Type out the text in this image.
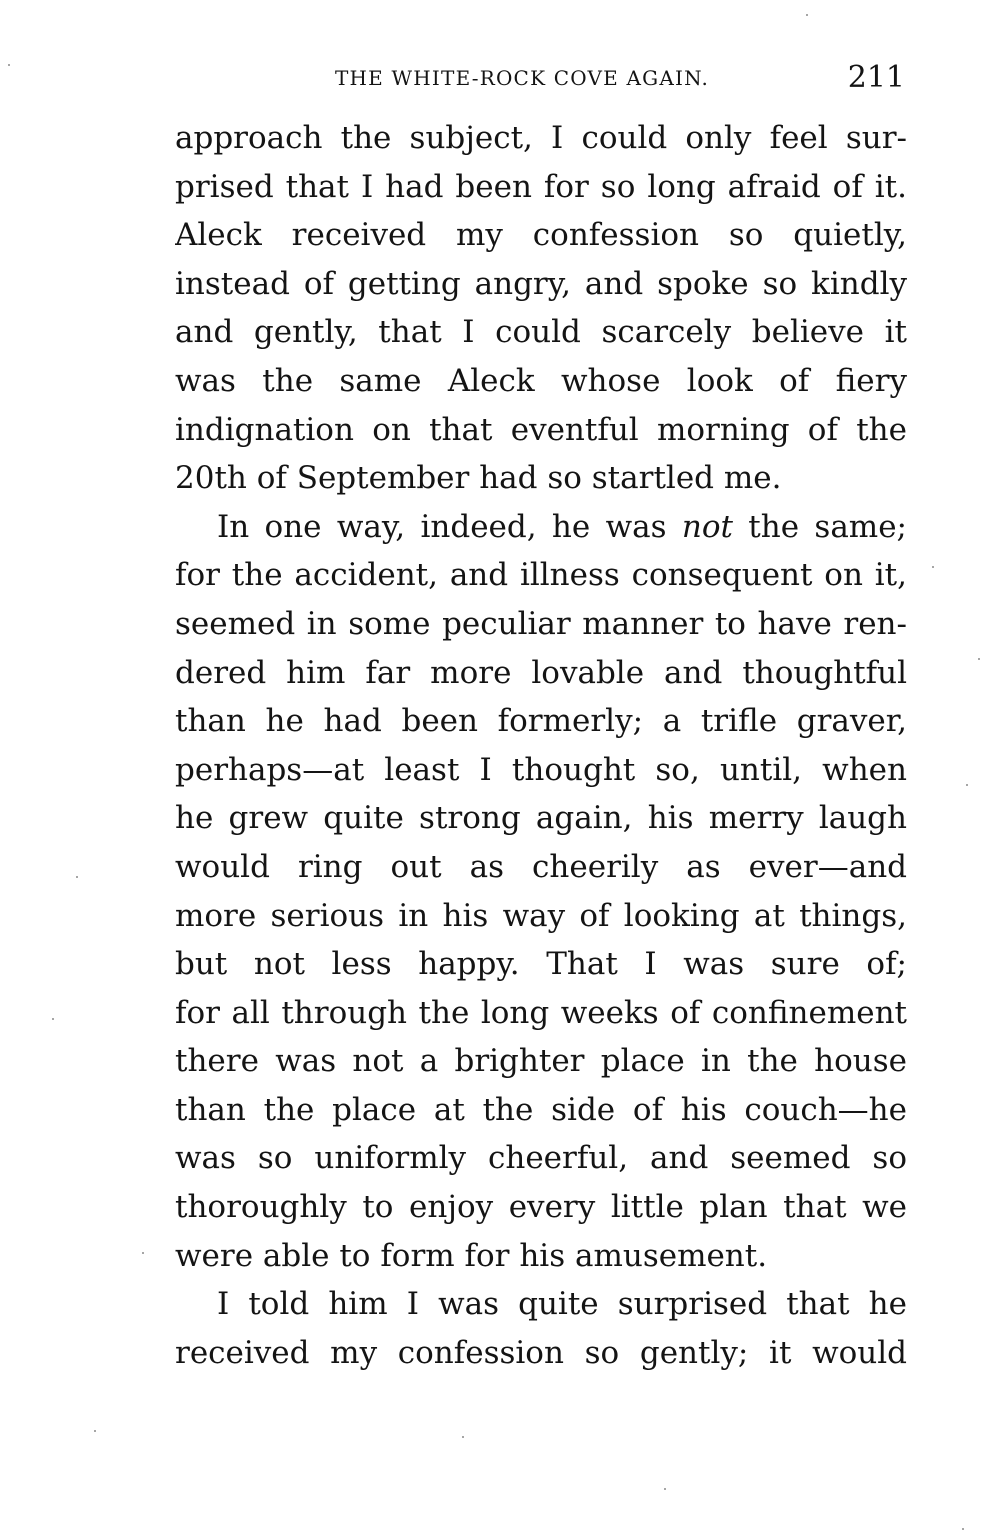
THE WHITE-ROCK COVE AGAIN.	211
approach the subject, I could only feel sur-
prised that I had been for so long afraid of it.
Aleck received my confession so quietly,
instead of getting angry, and spoke so kindly
and gently, that I could scarcely believe it
was the same Aleck whose look of fiery
indignation on that eventful morning of the
20th of September had so startled me.
In one way, indeed, he was not the same;
for the accident, and illness consequent on it,
seemed in some peculiar manner to have ren-
dered him far more lovable and thoughtful
than he had been formerly; a trifle graver,
perhaps—at least I thought so, until, when
he grew quite strong again, his merry laugh
would ring out as cheerily as ever—and
more serious in his way of looking at things,
but not less happy. That I was sure of;
for all through the long weeks of confinement
there was not a brighter place in the house
than the place at the side of his couch—he
was so uniformly cheerful, and seemed so
thoroughly to enjoy every little plan that we
were able to form for his amusement.
I told him I was quite surprised that he
received my confession so gently; it would
